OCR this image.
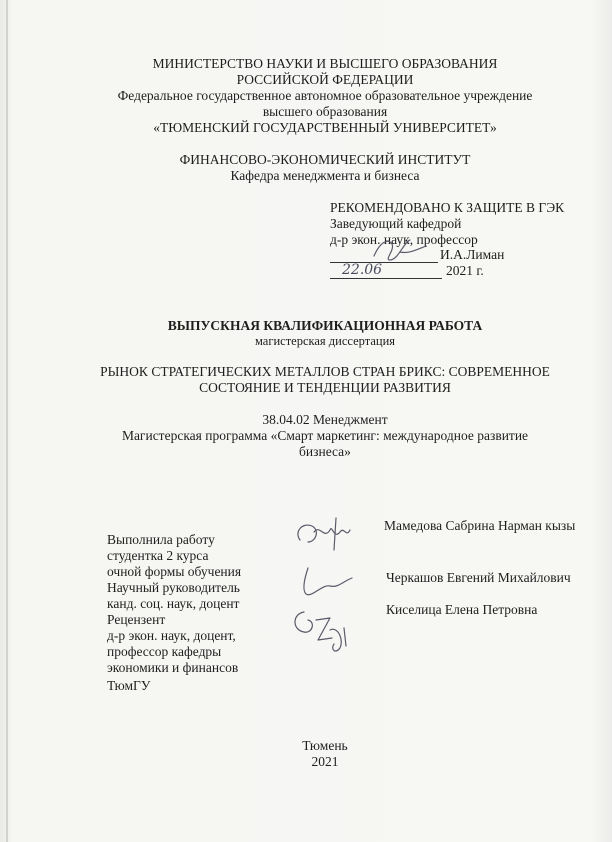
МИНИСТЕРСТВО НАУКИ И ВЫСШЕГО ОБРАЗОВАНИЯ
РОССИЙСКОЙ ФЕДЕРАЦИИ
Федеральное государственное автономное образовательное учреждение
высшего образования
«ТЮМЕНСКИЙ ГОСУДАРСТВЕННЫЙ УНИВЕРСИТЕТ»
ФИНАНСОВО-ЭКОНОМИЧЕСКИЙ ИНСТИТУТ
Кафедра менеджмента и бизнеса
РЕКОМЕНДОВАНО К ЗАЩИТЕ В ГЭК
Заведующий кафедрой
д-р экон. наук, профессор
И.А.Лиман
22.06	2021 г.
ВЫПУСКНАЯ КВАЛИФИКАЦИОННАЯ РАБОТА
магистерская диссертация
РЫНОК СТРАТЕГИЧЕСКИХ МЕТАЛЛОВ СТРАН БРИКС: СОВРЕМЕННОЕ
СОСТОЯНИЕ И ТЕНДЕНЦИИ РАЗВИТИЯ
38.04.02 Менеджмент
Магистерская программа «Смарт маркетинг: международное развитие
бизнеса»
Выполнила работу
студентка 2 курса
очной формы обучения
Научный руководитель
канд. соц. наук, доцент
Рецензент
д-р экон. наук, доцент,
профессор кафедры
экономики и финансов
ТюмГУ
Мамедова Сабрина Нарман кызы
Черкашов Евгений Михайлович
Киселица Елена Петровна
Тюмень
2021
